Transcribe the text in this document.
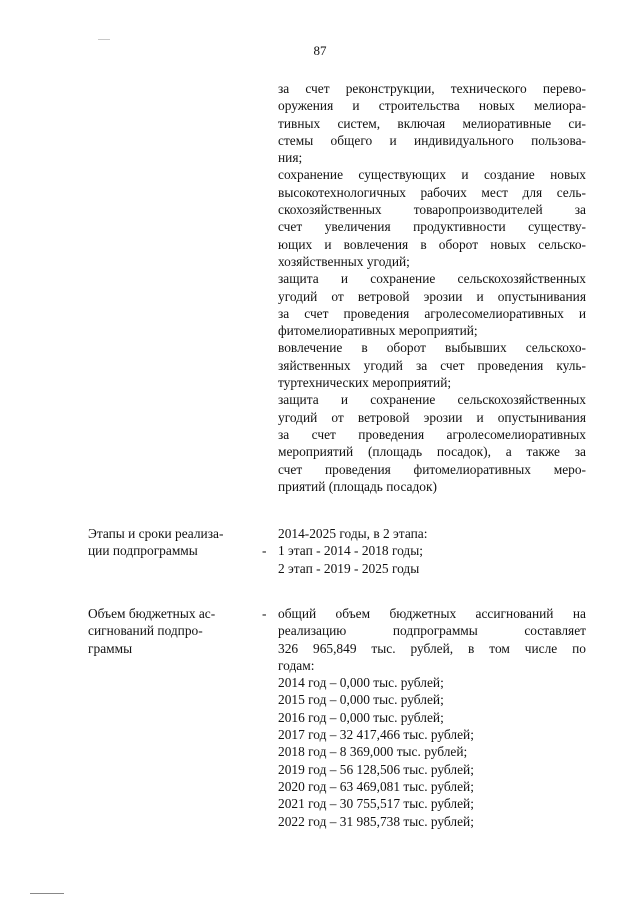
87
за счет реконструкции, технического перево-
оружения и строительства новых мелиора-
тивных систем, включая мелиоративные си-
стемы общего и индивидуального пользова-
ния;
сохранение существующих и создание новых
высокотехнологичных рабочих мест для сель-
скохозяйственных товаропроизводителей за
счет увеличения продуктивности существу-
ющих и вовлечения в оборот новых сельско-
хозяйственных угодий;
защита и сохранение сельскохозяйственных
угодий от ветровой эрозии и опустынивания
за счет проведения агролесомелиоративных и
фитомелиоративных мероприятий;
вовлечение в оборот выбывших сельскохо-
зяйственных угодий за счет проведения куль-
туртехнических мероприятий;
защита и сохранение сельскохозяйственных
угодий от ветровой эрозии и опустынивания
за счет проведения агролесомелиоративных
мероприятий (площадь посадок), а также за
счет проведения фитомелиоративных меро-
приятий (площадь посадок)
Этапы и сроки реализа-
ции подпрограммы	-
2014-2025 годы, в 2 этапа:
1 этап - 2014 - 2018 годы;
2 этап - 2019 - 2025 годы
Объем бюджетных ас-
сигнований подпро-
граммы
- общий объем бюджетных ассигнований на
реализацию подпрограммы составляет
326 965,849 тыс. рублей, в том числе по
годам:
2014 год – 0,000 тыс. рублей;
2015 год – 0,000 тыс. рублей;
2016 год – 0,000 тыс. рублей;
2017 год – 32 417,466 тыс. рублей;
2018 год – 8 369,000 тыс. рублей;
2019 год – 56 128,506 тыс. рублей;
2020 год – 63 469,081 тыс. рублей;
2021 год – 30 755,517 тыс. рублей;
2022 год – 31 985,738 тыс. рублей;
